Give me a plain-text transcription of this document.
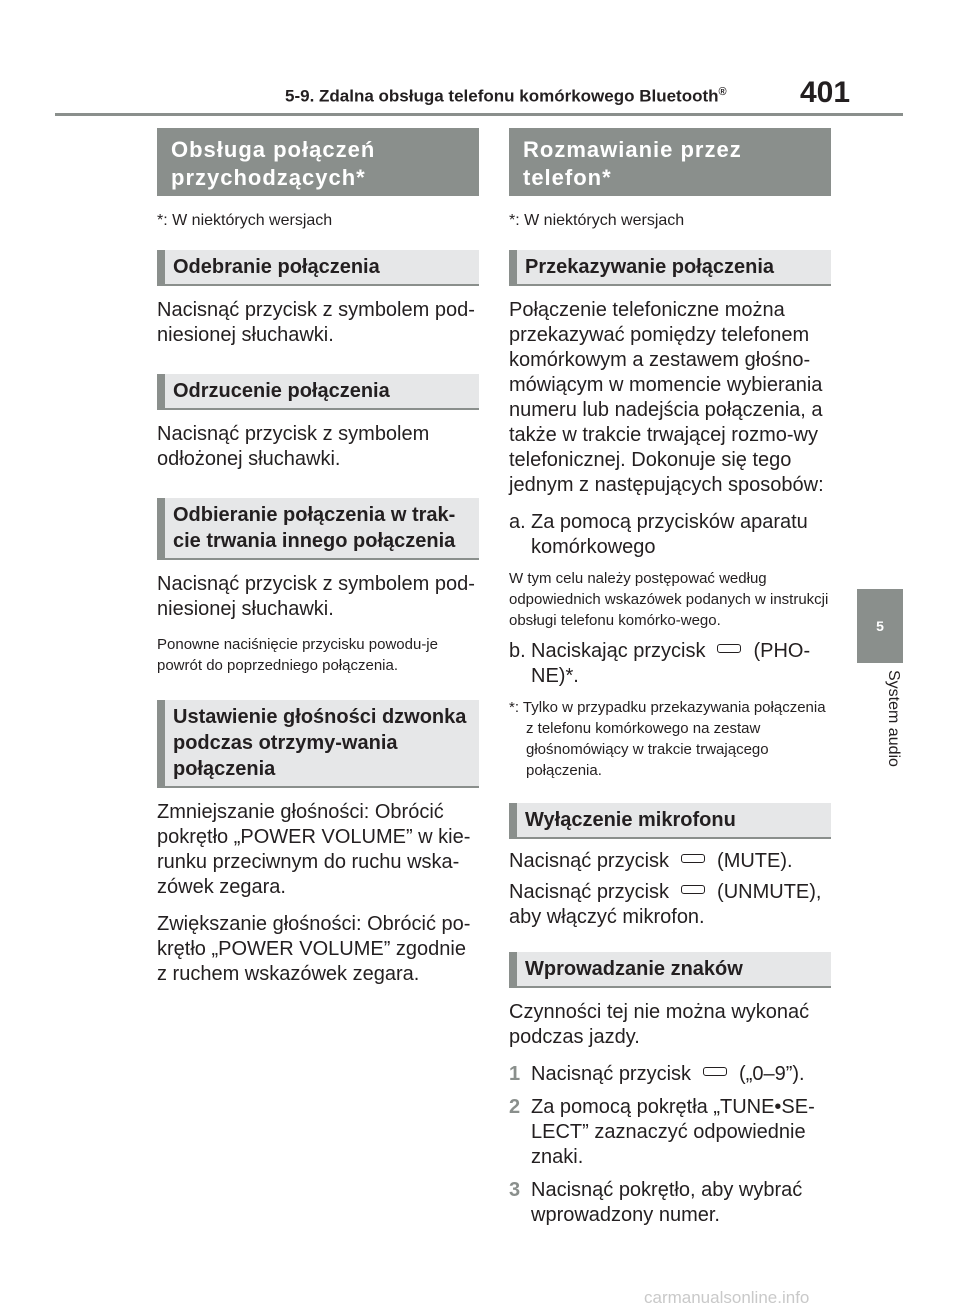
5-9. Zdalna obsługa telefonu komórkowego Bluetooth® 401
5
System audio
Obsługa połączeń przychodzących*
*: W niektórych wersjach
Odebranie połączenia

Nacisnąć przycisk z symbolem pod-niesionej słuchawki.

Odrzucenie połączenia

Nacisnąć przycisk z symbolem odłożonej słuchawki.

Odbieranie połączenia w trak-cie trwania innego połączenia

Nacisnąć przycisk z symbolem pod-niesionej słuchawki.

Ponowne naciśnięcie przycisku powodu-je powrót do poprzedniego połączenia.

Ustawienie głośności dzwonka podczas otrzymy-wania połączenia

Zmniejszanie głośności: Obrócić pokrętło „POWER VOLUME” w kie-runku przeciwnym do ruchu wska-zówek zegara.

Zwiększanie głośności: Obrócić po-krętło „POWER VOLUME” zgodnie z ruchem wskazówek zegara.

Rozmawianie przez telefon*
*: W niektórych wersjach
Przekazywanie połączenia

Połączenie telefoniczne można przekazywać pomiędzy telefonem komórkowym a zestawem głośno-mówiącym w momencie wybierania numeru lub nadejścia połączenia, a także w trakcie trwającej rozmo-wy telefonicznej. Dokonuje się tego jednym z następujących sposobów:

a. Za pomocą przycisków aparatu komórkowego

W tym celu należy postępować według odpowiednich wskazówek podanych w instrukcji obsługi telefonu komórko-wego.

b. Naciskając przycisk (PHO-NE)*.

*: Tylko w przypadku przekazywania połączenia z telefonu komórkowego na zestaw głośnomówiący w trakcie trwającego połączenia.

Wyłączenie mikrofonu

Nacisnąć przycisk (MUTE).

Nacisnąć przycisk (UNMUTE), aby włączyć mikrofon.

Wprowadzanie znaków

Czynności tej nie można wykonać podczas jazdy.

1 Nacisnąć przycisk („0–9”).
2 Za pomocą pokrętła „TUNE•SE-LECT” zaznaczyć odpowiednie znaki.
3 Nacisnąć pokrętło, aby wybrać wprowadzony numer.
carmanualsonline.info
